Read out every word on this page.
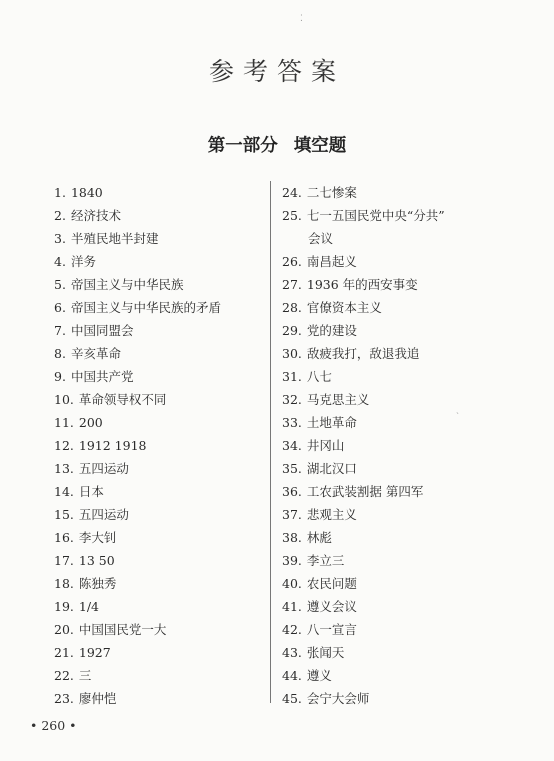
参考答案
第一部分 填空题
1. 1840
2. 经济技术
3. 半殖民地半封建
4. 洋务
5. 帝国主义与中华民族
6. 帝国主义与中华民族的矛盾
7. 中国同盟会
8. 辛亥革命
9. 中国共产党
10. 革命领导权不同
11. 200
12. 1912 1918
13. 五四运动
14. 日本
15. 五四运动
16. 李大钊
17. 13 50
18. 陈独秀
19. 1/4
20. 中国国民党一大
21. 1927
22. 三
23. 廖仲恺
24. 二七惨案
25. 七一五国民党中央“分共”
会议
26. 南昌起义
27. 1936 年的西安事变
28. 官僚资本主义
29. 党的建设
30. 敌疲我打，敌退我追
31. 八七
32. 马克思主义
33. 土地革命
34. 井冈山
35. 湖北汉口
36. 工农武装割据 第四军
37. 悲观主义
38. 林彪
39. 李立三
40. 农民问题
41. 遵义会议
42. 八一宣言
43. 张闻天
44. 遵义
45. 会宁大会师
• 260 •
⁚
ˎ
